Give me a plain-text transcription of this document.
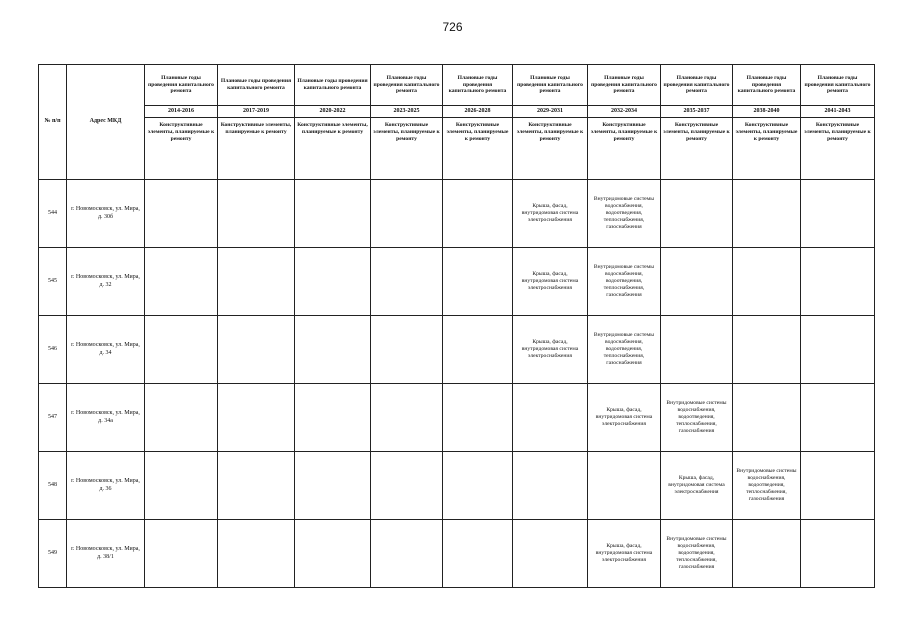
726
№ п/п	Адрес МКД	Плановые годы проведения капитального ремонта	Плановые годы проведения капитального ремонта	Плановые годы проведения капитального ремонта	Плановые годы проведения капитального ремонта	Плановые годы проведения капитального ремонта	Плановые годы проведения капитального ремонта	Плановые годы проведения капитального ремонта	Плановые годы проведения капитального ремонта	Плановые годы проведения капитального ремонта	Плановые годы проведения капитального ремонта
		2014-2016	2017-2019	2020-2022	2023-2025	2026-2028	2029-2031	2032-2034	2035-2037	2038-2040	2041-2043
		Конструктивные элементы, планируемые к ремонту	Конструктивные элементы, планируемые к ремонту	Конструктивные элементы, планируемые к ремонту	Конструктивные элементы, планируемые к ремонту	Конструктивные элементы, планируемые к ремонту	Конструктивные элементы, планируемые к ремонту	Конструктивные элементы, планируемые к ремонту	Конструктивные элементы, планируемые к ремонту	Конструктивные элементы, планируемые к ремонту	Конструктивные элементы, планируемые к ремонту
544	г. Новомосковск, ул. Мира, д. 30б						Крыша, фасад, внутридомовая система электроснабжения	Внутридомовые системы водоснабжения, водоотведения, теплоснабжения, газоснабжения			
545	г. Новомосковск, ул. Мира, д. 32						Крыша, фасад, внутридомовая система электроснабжения	Внутридомовые системы водоснабжения, водоотведения, теплоснабжения, газоснабжения			
546	г. Новомосковск, ул. Мира, д. 34						Крыша, фасад, внутридомовая система электроснабжения	Внутридомовые системы водоснабжения, водоотведения, теплоснабжения, газоснабжения			
547	г. Новомосковск, ул. Мира, д. 34а							Крыша, фасад, внутридомовая система электроснабжения	Внутридомовые системы водоснабжения, водоотведения, теплоснабжения, газоснабжения		
548	г. Новомосковск, ул. Мира, д. 36								Крыша, фасад, внутридомовая система электроснабжения	Внутридомовые системы водоснабжения, водоотведения, теплоснабжения, газоснабжения	
549	г. Новомосковск, ул. Мира, д. 38/1							Крыша, фасад, внутридомовая система электроснабжения	Внутридомовые системы водоснабжения, водоотведения, теплоснабжения, газоснабжения		
